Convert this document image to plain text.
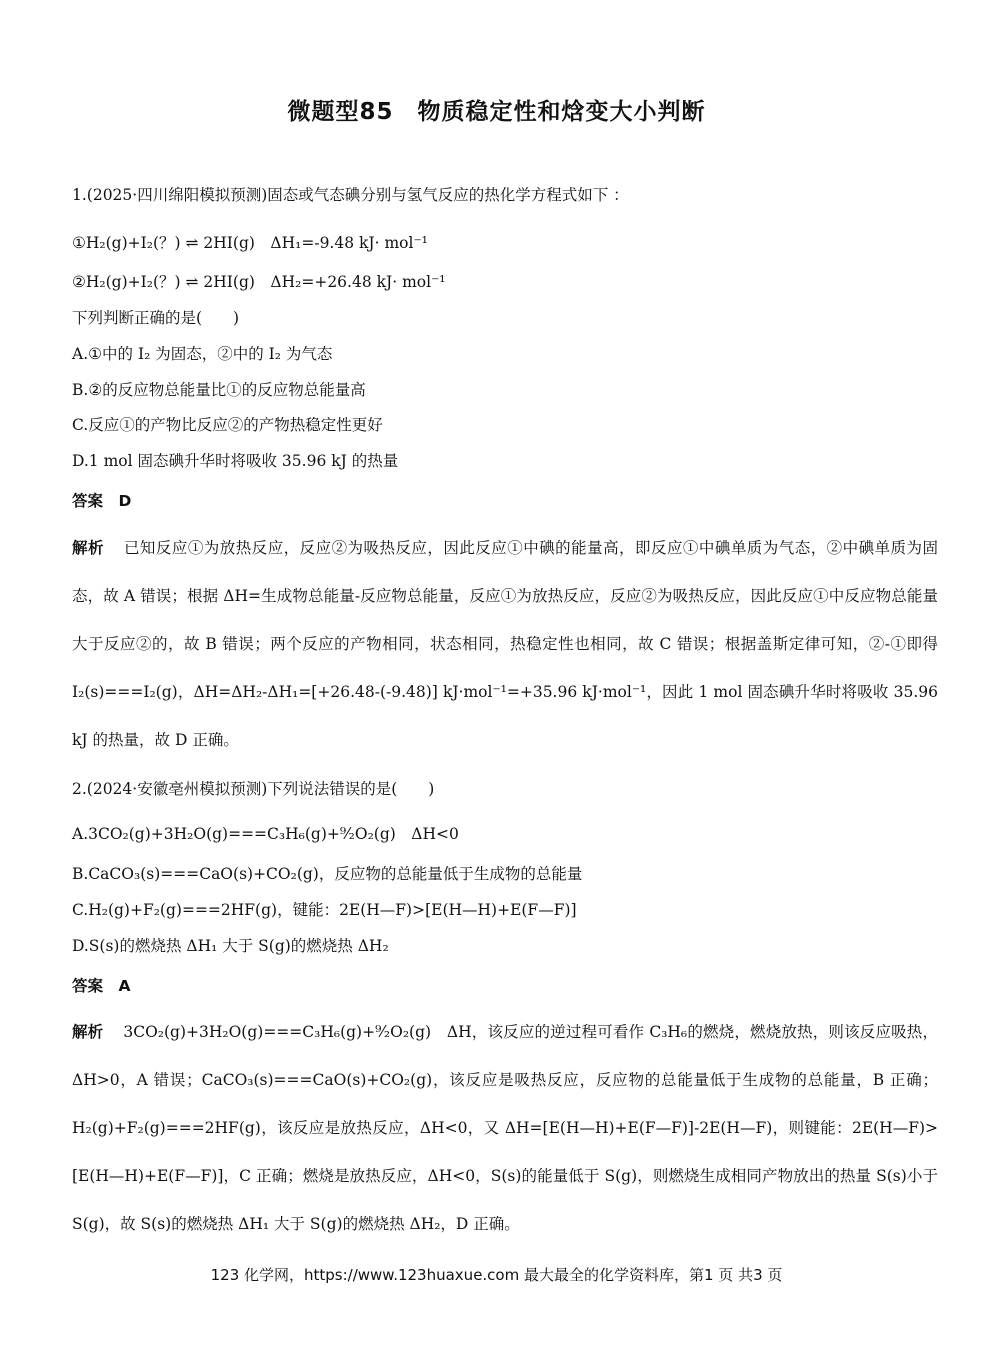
微题型85　物质稳定性和焓变大小判断
1.(2025·四川绵阳模拟预测)固态或气态碘分别与氢气反应的热化学方程式如下 ：
①H₂(g)+I₂(？) ⇌ 2HI(g)　ΔH₁=-9.48 kJ· mol⁻¹
②H₂(g)+I₂(？) ⇌ 2HI(g)　ΔH₂=+26.48 kJ· mol⁻¹
下列判断正确的是(　　)
A.①中的 I₂ 为固态，②中的 I₂ 为气态
B.②的反应物总能量比①的反应物总能量高
C.反应①的产物比反应②的产物热稳定性更好
D.1 mol 固态碘升华时将吸收 35.96 kJ 的热量
答案　D
解析 已知反应①为放热反应，反应②为吸热反应，因此反应①中碘的能量高，即反应①中碘单质为气态，②中碘单质为固态，故 A 错误；根据 ΔH=生成物总能量-反应物总能量，反应①为放热反应，反应②为吸热反应，因此反应①中反应物总能量大于反应②的，故 B 错误；两个反应的产物相同，状态相同，热稳定性也相同，故 C 错误；根据盖斯定律可知，②-①即得 I₂(s)===I₂(g)，ΔH=ΔH₂-ΔH₁=[+26.48-(-9.48)] kJ·mol⁻¹=+35.96 kJ·mol⁻¹，因此 1 mol 固态碘升华时将吸收 35.96 kJ 的热量，故 D 正确。
2.(2024·安徽亳州模拟预测)下列说法错误的是(　　)
A.3CO₂(g)+3H₂O(g)===C₃H₆(g)+⁹⁄₂O₂(g)　ΔH<0
B.CaCO₃(s)===CaO(s)+CO₂(g)，反应物的总能量低于生成物的总能量
C.H₂(g)+F₂(g)===2HF(g)，键能：2E(H—F)>[E(H—H)+E(F—F)]
D.S(s)的燃烧热 ΔH₁ 大于 S(g)的燃烧热 ΔH₂
答案　A
解析 3CO₂(g)+3H₂O(g)===C₃H₆(g)+⁹⁄₂O₂(g)　ΔH，该反应的逆过程可看作 C₃H₆的燃烧，燃烧放热，则该反应吸热，ΔH>0，A 错误；CaCO₃(s)===CaO(s)+CO₂(g)，该反应是吸热反应，反应物的总能量低于生成物的总能量，B 正确；H₂(g)+F₂(g)===2HF(g)，该反应是放热反应，ΔH<0，又 ΔH=[E(H—H)+E(F—F)]-2E(H—F)，则键能：2E(H—F)>[E(H—H)+E(F—F)]，C 正确；燃烧是放热反应，ΔH<0，S(s)的能量低于 S(g)，则燃烧生成相同产物放出的热量 S(s)小于 S(g)，故 S(s)的燃烧热 ΔH₁ 大于 S(g)的燃烧热 ΔH₂，D 正确。
123 化学网，https://www.123huaxue.com 最大最全的化学资料库，第1 页 共3 页
